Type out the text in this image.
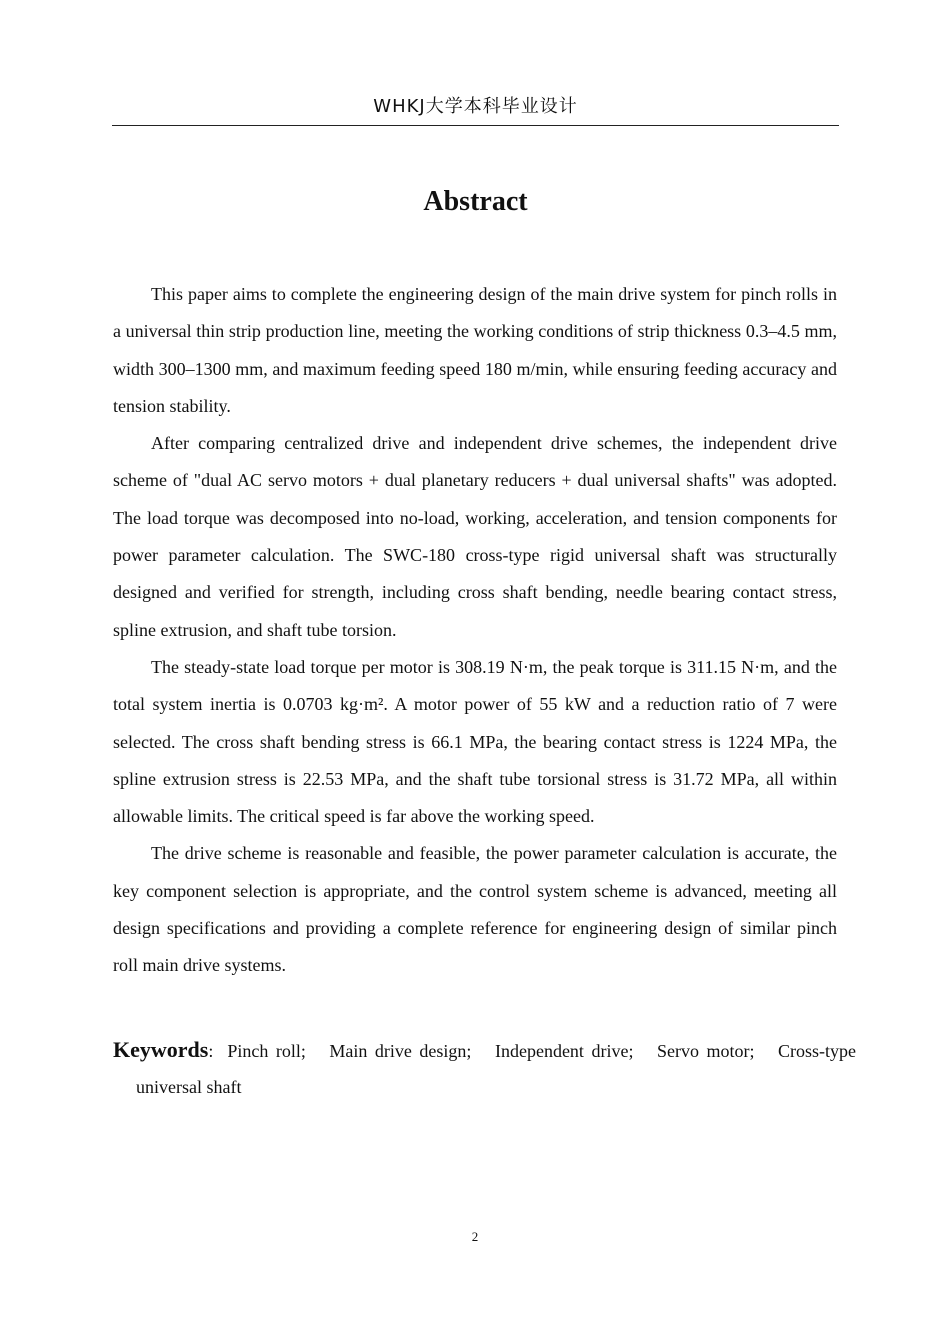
WHKJ大学本科毕业设计
Abstract

This paper aims to complete the engineering design of the main drive system for pinch rolls in a universal thin strip production line, meeting the working conditions of strip thickness 0.3–4.5 mm, width 300–1300 mm, and maximum feeding speed 180 m/min, while ensuring feeding accuracy and tension stability.

After comparing centralized drive and independent drive schemes, the independent drive scheme of "dual AC servo motors + dual planetary reducers + dual universal shafts" was adopted. The load torque was decomposed into no-load, working, acceleration, and tension components for power parameter calculation. The SWC-180 cross-type rigid universal shaft was structurally designed and verified for strength, including cross shaft bending, needle bearing contact stress, spline extrusion, and shaft tube torsion.

The steady-state load torque per motor is 308.19 N·m, the peak torque is 311.15 N·m, and the total system inertia is 0.0703 kg·m². A motor power of 55 kW and a reduction ratio of 7 were selected. The cross shaft bending stress is 66.1 MPa, the bearing contact stress is 1224 MPa, the spline extrusion stress is 22.53 MPa, and the shaft tube torsional stress is 31.72 MPa, all within allowable limits. The critical speed is far above the working speed.

The drive scheme is reasonable and feasible, the power parameter calculation is accurate, the key component selection is appropriate, and the control system scheme is advanced, meeting all design specifications and providing a complete reference for engineering design of similar pinch roll main drive systems.

Keywords: Pinch roll; Main drive design; Independent drive; Servo motor; Cross-type universal shaft
2
